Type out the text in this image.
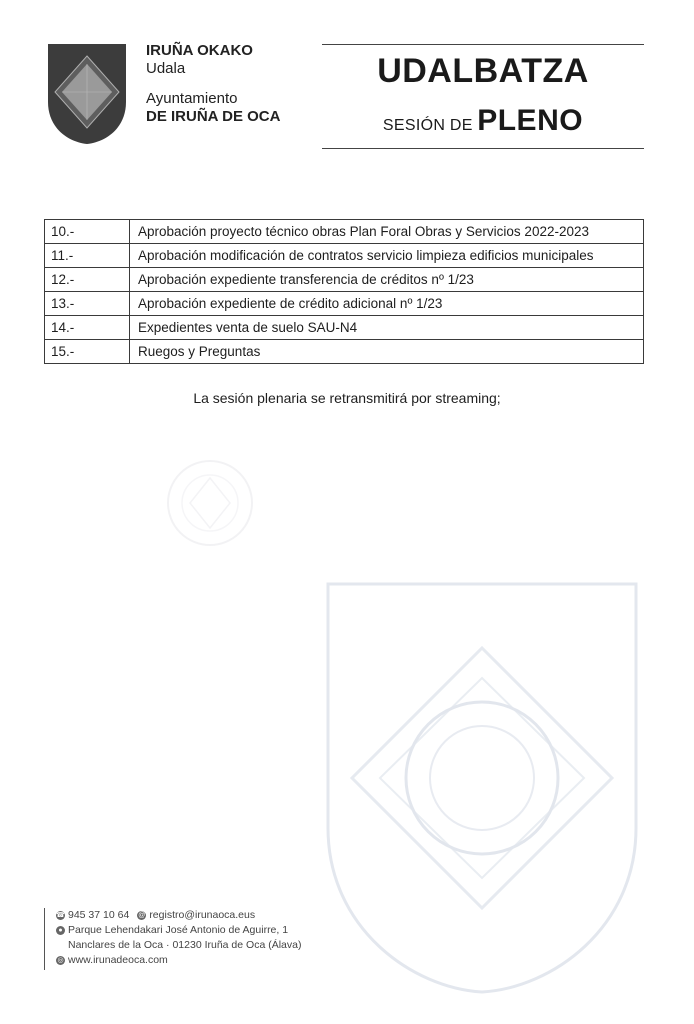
IRUÑA OKAKO
Udala
Ayuntamiento
DE IRUÑA DE OCA
UDALBATZA
SESIÓN DE PLENO
10.-	Aprobación proyecto técnico obras Plan Foral Obras y Servicios 2022-2023
11.-	Aprobación modificación de contratos servicio limpieza edificios municipales
12.-	Aprobación expediente transferencia de créditos nº 1/23
13.-	Aprobación expediente de crédito adicional nº 1/23
14.-	Expedientes venta de suelo SAU-N4
15.-	Ruegos y Preguntas
La sesión plenaria se retransmitirá por streaming;
☎ 945 37 10 64 @ registro@irunaoca.eus
● Parque Lehendakari José Antonio de Aguirre, 1
Nanclares de la Oca · 01230 Iruña de Oca (Álava)
◎ www.irunadeoca.com
